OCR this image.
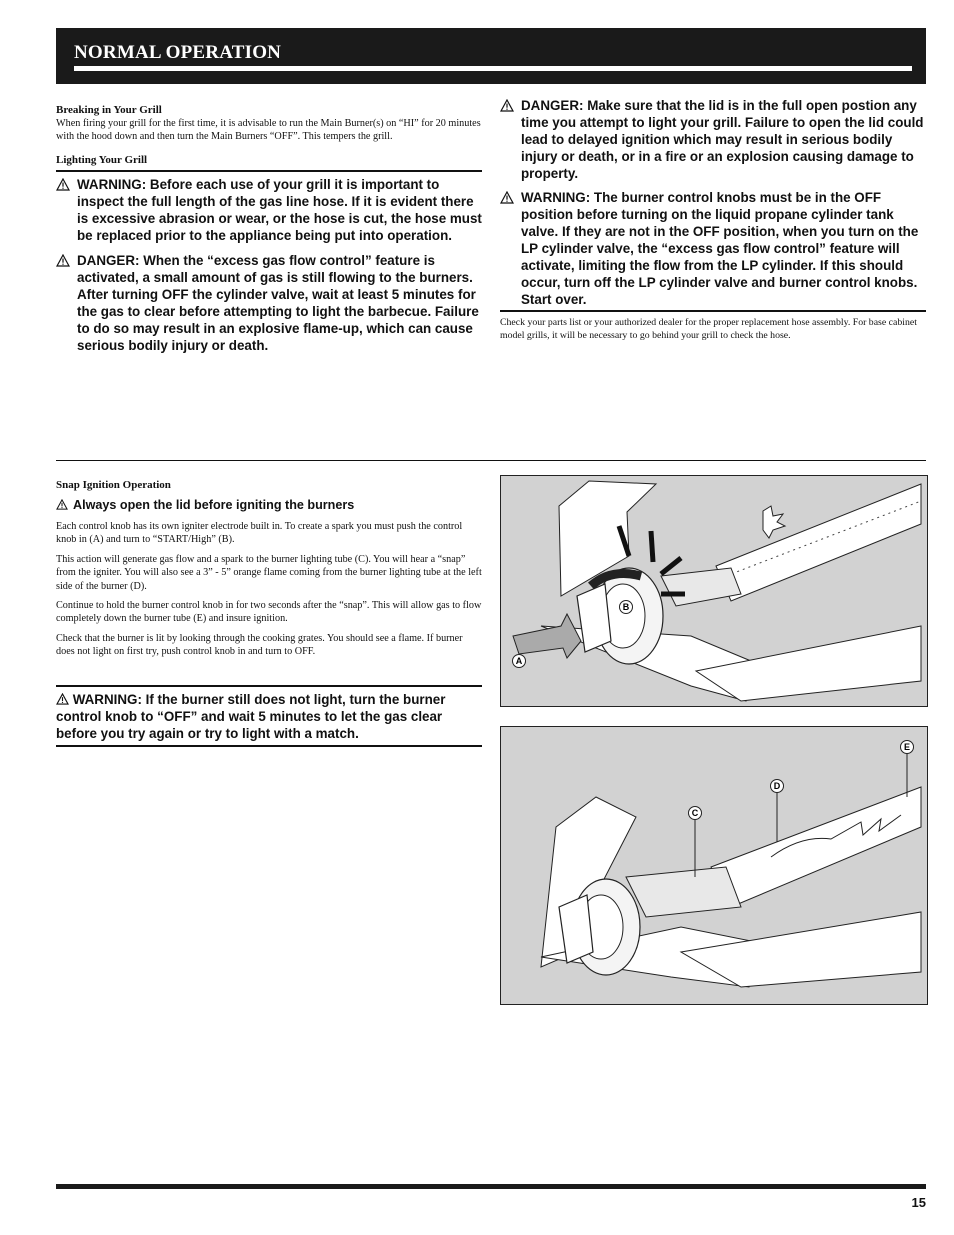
NORMAL OPERATION
Breaking in Your Grill
When firing your grill for the first time, it is advisable to run the Main Burner(s) on “HI” for 20 minutes with the hood down and then turn the Main Burners “OFF”. This tempers the grill.
Lighting Your Grill
WARNING: Before each use of your grill it is important to inspect the full length of the gas line hose. If it is evident there is excessive abrasion or wear, or the hose is cut, the hose must be replaced prior to the appliance being put into operation.
DANGER: When the “excess gas flow control” feature is activated, a small amount of gas is still flowing to the burners. After turning OFF the cylinder valve, wait at least 5 minutes for the gas to clear before attempting to light the barbecue. Failure to do so may result in an explosive flame-up, which can cause serious bodily injury or death.
DANGER: Make sure that the lid is in the full open postion any time you attempt to light your grill. Failure to open the lid could lead to delayed ignition which may result in serious bodily injury or death, or in a fire or an explosion causing damage to property.
WARNING: The burner control knobs must be in the OFF position before turning on the liquid propane cylinder tank valve. If they are not in the OFF position, when you turn on the LP cylinder valve, the “excess gas flow control” feature will activate, limiting the flow from the LP cylinder. If this should occur, turn off the LP cylinder valve and burner control knobs. Start over.
Check your parts list or your authorized dealer for the proper replacement hose assembly. For base cabinet model grills, it will be necessary to go behind your grill to check the hose.
Snap Ignition Operation
Always open the lid before igniting the burners
Each control knob has its own igniter electrode built in. To create a spark you must push the control knob in (A) and turn to “START/High” (B).
This action will generate gas flow and a spark to the burner lighting tube (C). You will hear a “snap” from the igniter. You will also see a 3” - 5” orange flame coming from the burner lighting tube at the left side of the burner (D).
Continue to hold the burner control knob in for two seconds after the “snap”. This will allow gas to flow completely down the burner tube (E) and insure ignition.
Check that the burner is lit by looking through the cooking grates. You should see a flame. If burner does not light on first try, push control knob in and turn to OFF.
WARNING: If the burner still does not light, turn the burner control knob to “OFF” and wait 5 minutes to let the gas clear before you try again or try to light with a match.
B
A
C
D
E
15
